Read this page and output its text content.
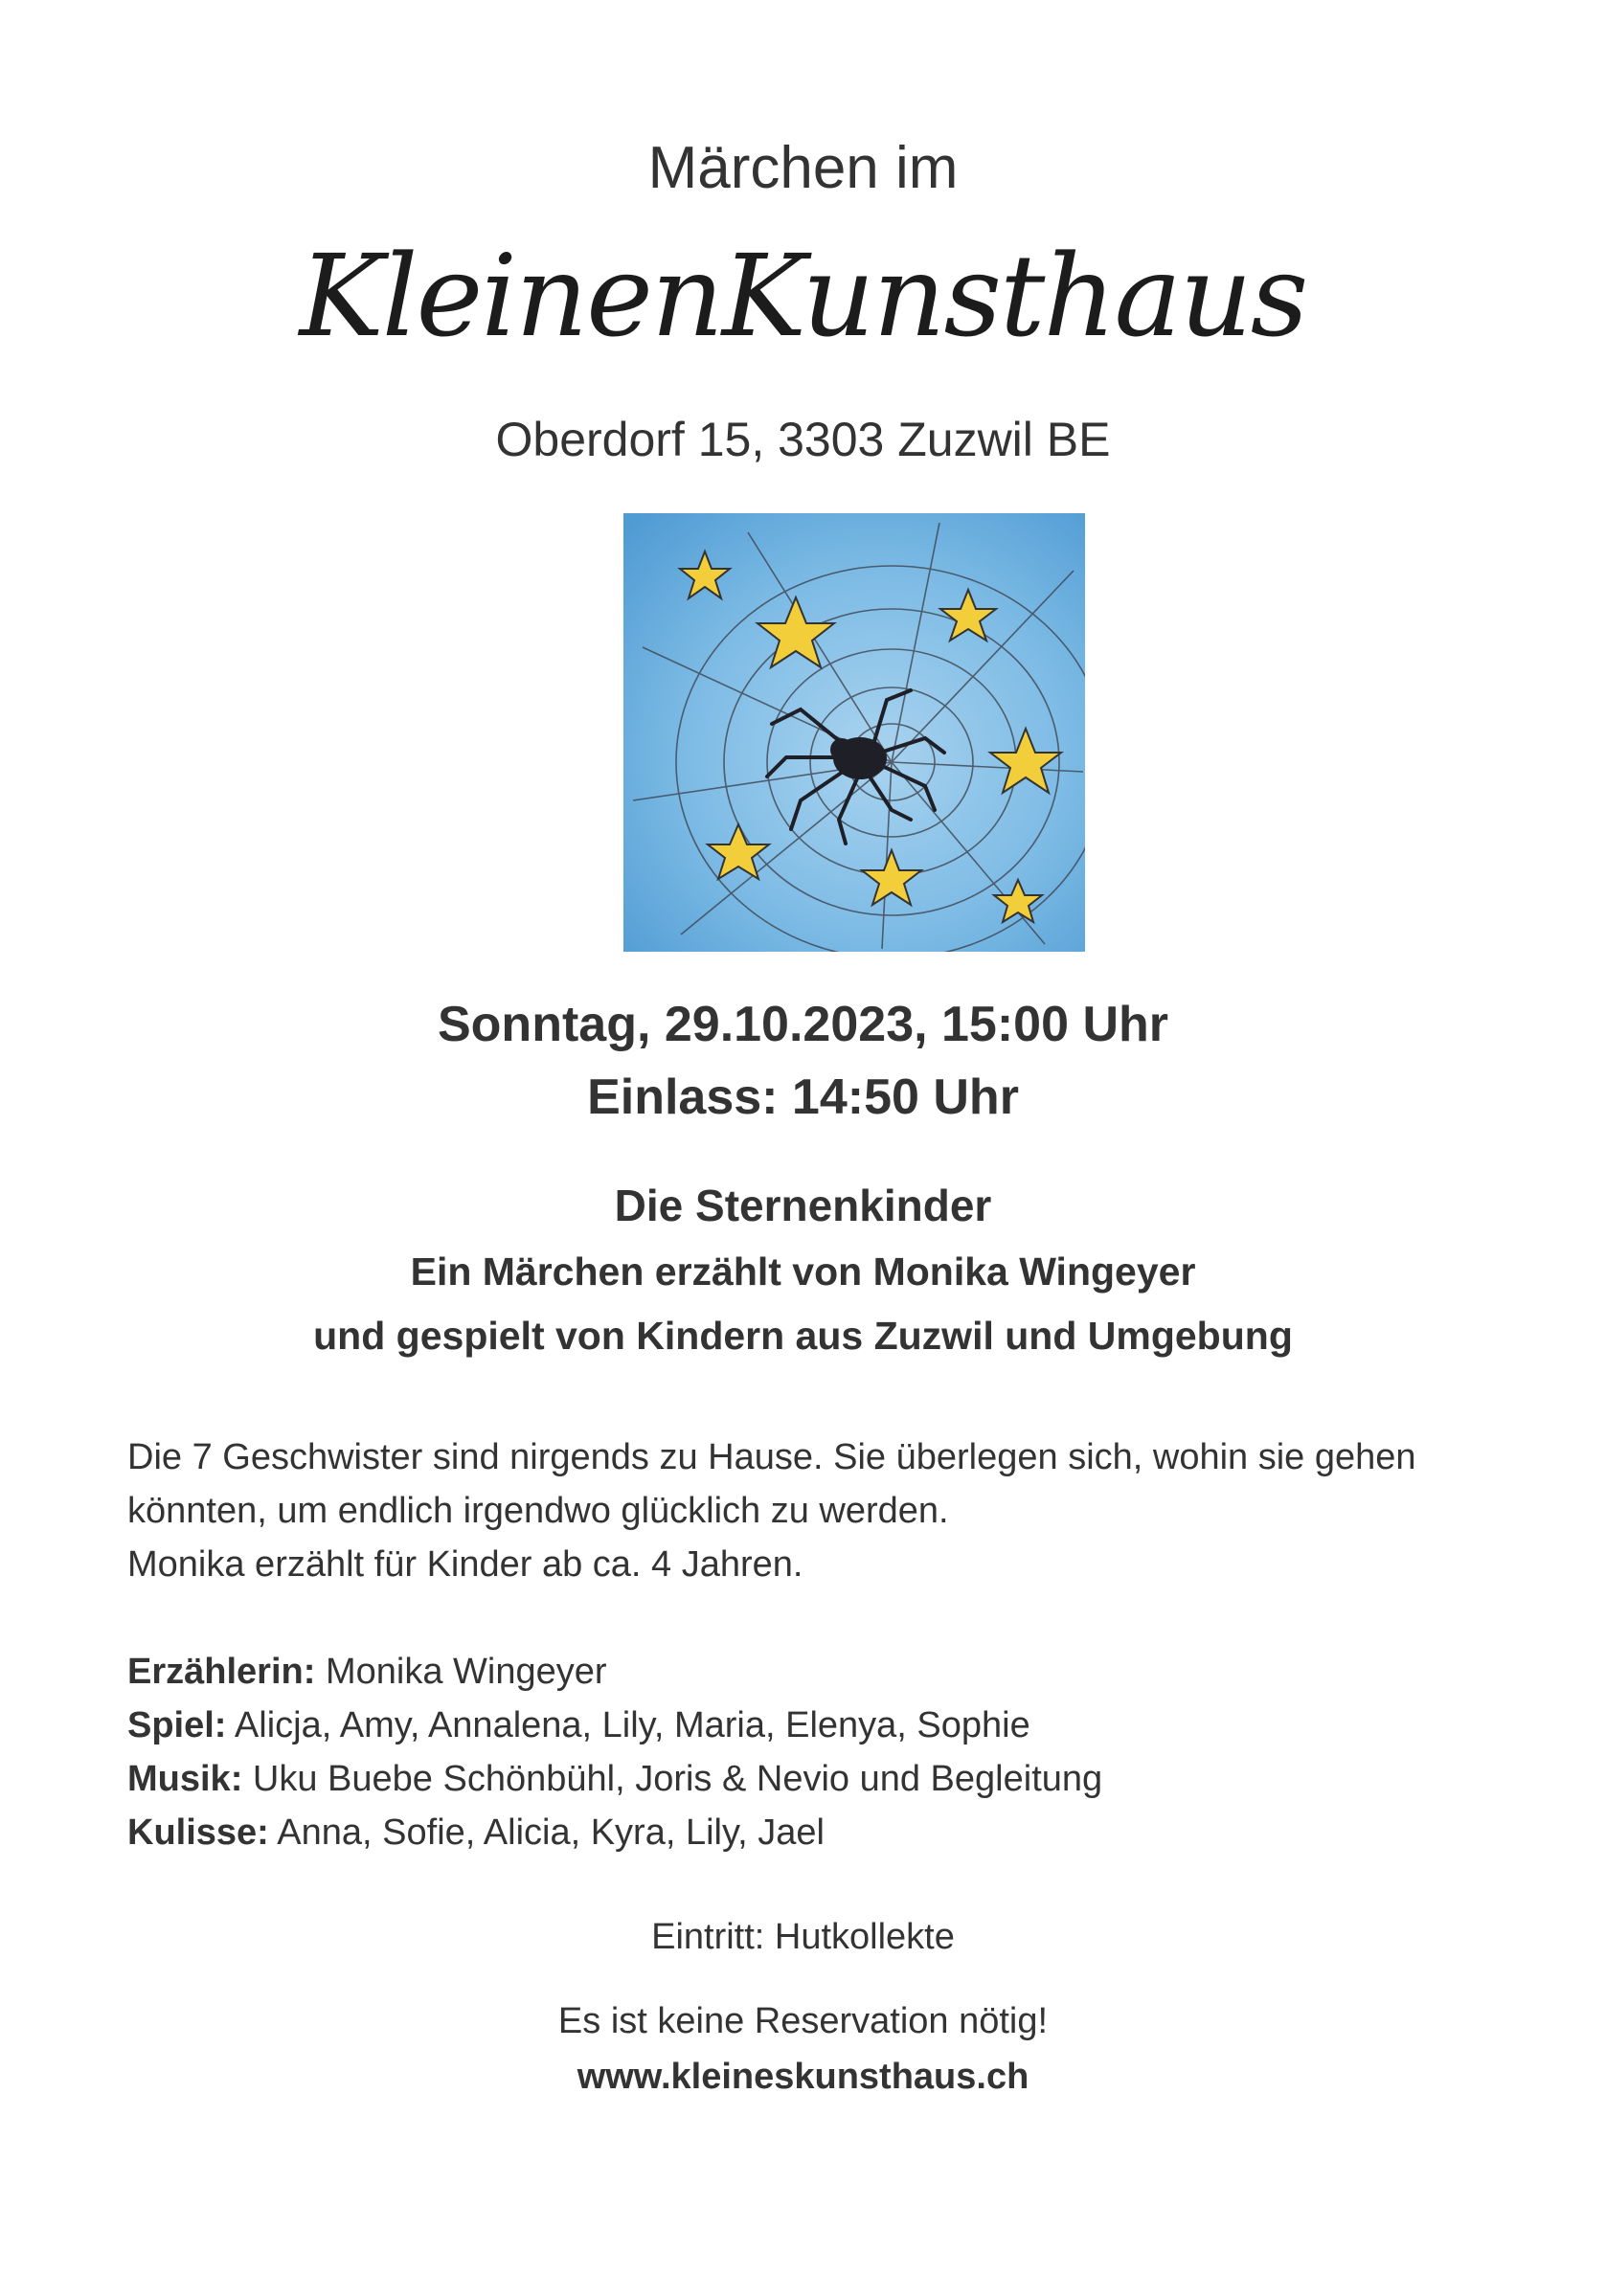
Märchen im
KleinenKunsthaus
Oberdorf 15, 3303 Zuzwil BE
Sonntag, 29.10.2023, 15:00 Uhr
Einlass: 14:50 Uhr
Die Sternenkinder
Ein Märchen erzählt von Monika Wingeyer
und gespielt von Kindern aus Zuzwil und Umgebung

Die 7 Geschwister sind nirgends zu Hause. Sie überlegen sich, wohin sie gehen

könnten, um endlich irgendwo glücklich zu werden.

Monika erzählt für Kinder ab ca. 4 Jahren.

Erzählerin: Monika Wingeyer

Spiel: Alicja, Amy, Annalena, Lily, Maria, Elenya, Sophie

Musik: Uku Buebe Schönbühl, Joris & Nevio und Begleitung

Kulisse: Anna, Sofie, Alicia, Kyra, Lily, Jael

Eintritt: Hutkollekte
Es ist keine Reservation nötig!
www.kleineskunsthaus.ch
